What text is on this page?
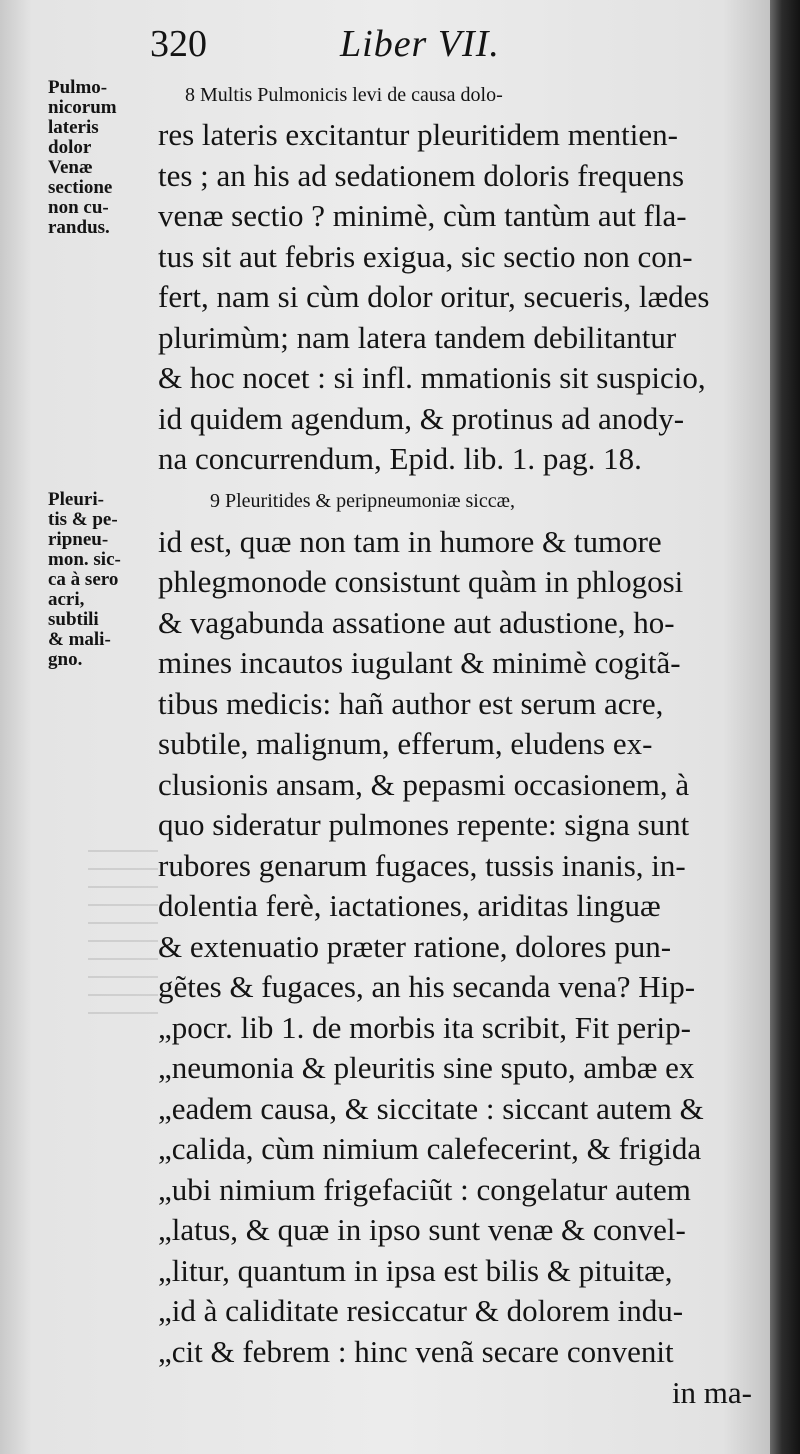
320	Liber VII.
Pulmo-
nicorum
lateris
dolor
Venæ
sectione
non cu-
randus.
Pleuri-
tis & pe-
ripneu-
mon. sic-
ca à sero
acri,
subtili
& mali-
gno.
8 Multis Pulmonicis levi de causa dolo-
res lateris excitantur pleuritidem mentien-
tes ; an his ad sedationem doloris frequens
venæ sectio ? minimè, cùm tantùm aut fla-
tus sit aut febris exigua, sic sectio non con-
fert, nam si cùm dolor oritur, secueris, lædes
plurimùm; nam latera tandem debilitantur
& hoc nocet : si infl. mmationis sit suspicio,
id quidem agendum, & protinus ad anody-
na concurrendum, Epid. lib. 1. pag. 18.
9 Pleuritides & peripneumoniæ siccæ,
id est, quæ non tam in humore & tumore
phlegmonode consistunt quàm in phlogosi
& vagabunda assatione aut adustione, ho-
mines incautos iugulant & minimè cogitã-
tibus medicis: hañ author est serum acre,
subtile, malignum, efferum, eludens ex-
clusionis ansam, & pepasmi occasionem, à
quo sideratur pulmones repente: signa sunt
rubores genarum fugaces, tussis inanis, in-
dolentia ferè, iactationes, ariditas linguæ
& extenuatio præter ratione, dolores pun-
gẽtes & fugaces, an his secanda vena? Hip-
„pocr. lib 1. de morbis ita scribit, Fit perip-
„neumonia & pleuritis sine sputo, ambæ ex
„eadem causa, & siccitate : siccant autem &
„calida, cùm nimium calefecerint, & frigida
„ubi nimium frigefaciũt : congelatur autem
„latus, & quæ in ipso sunt venæ & convel-
„litur, quantum in ipsa est bilis & pituitæ,
„id à caliditate resiccatur & dolorem indu-
„cit & febrem : hinc venã secare convenit
in ma-
